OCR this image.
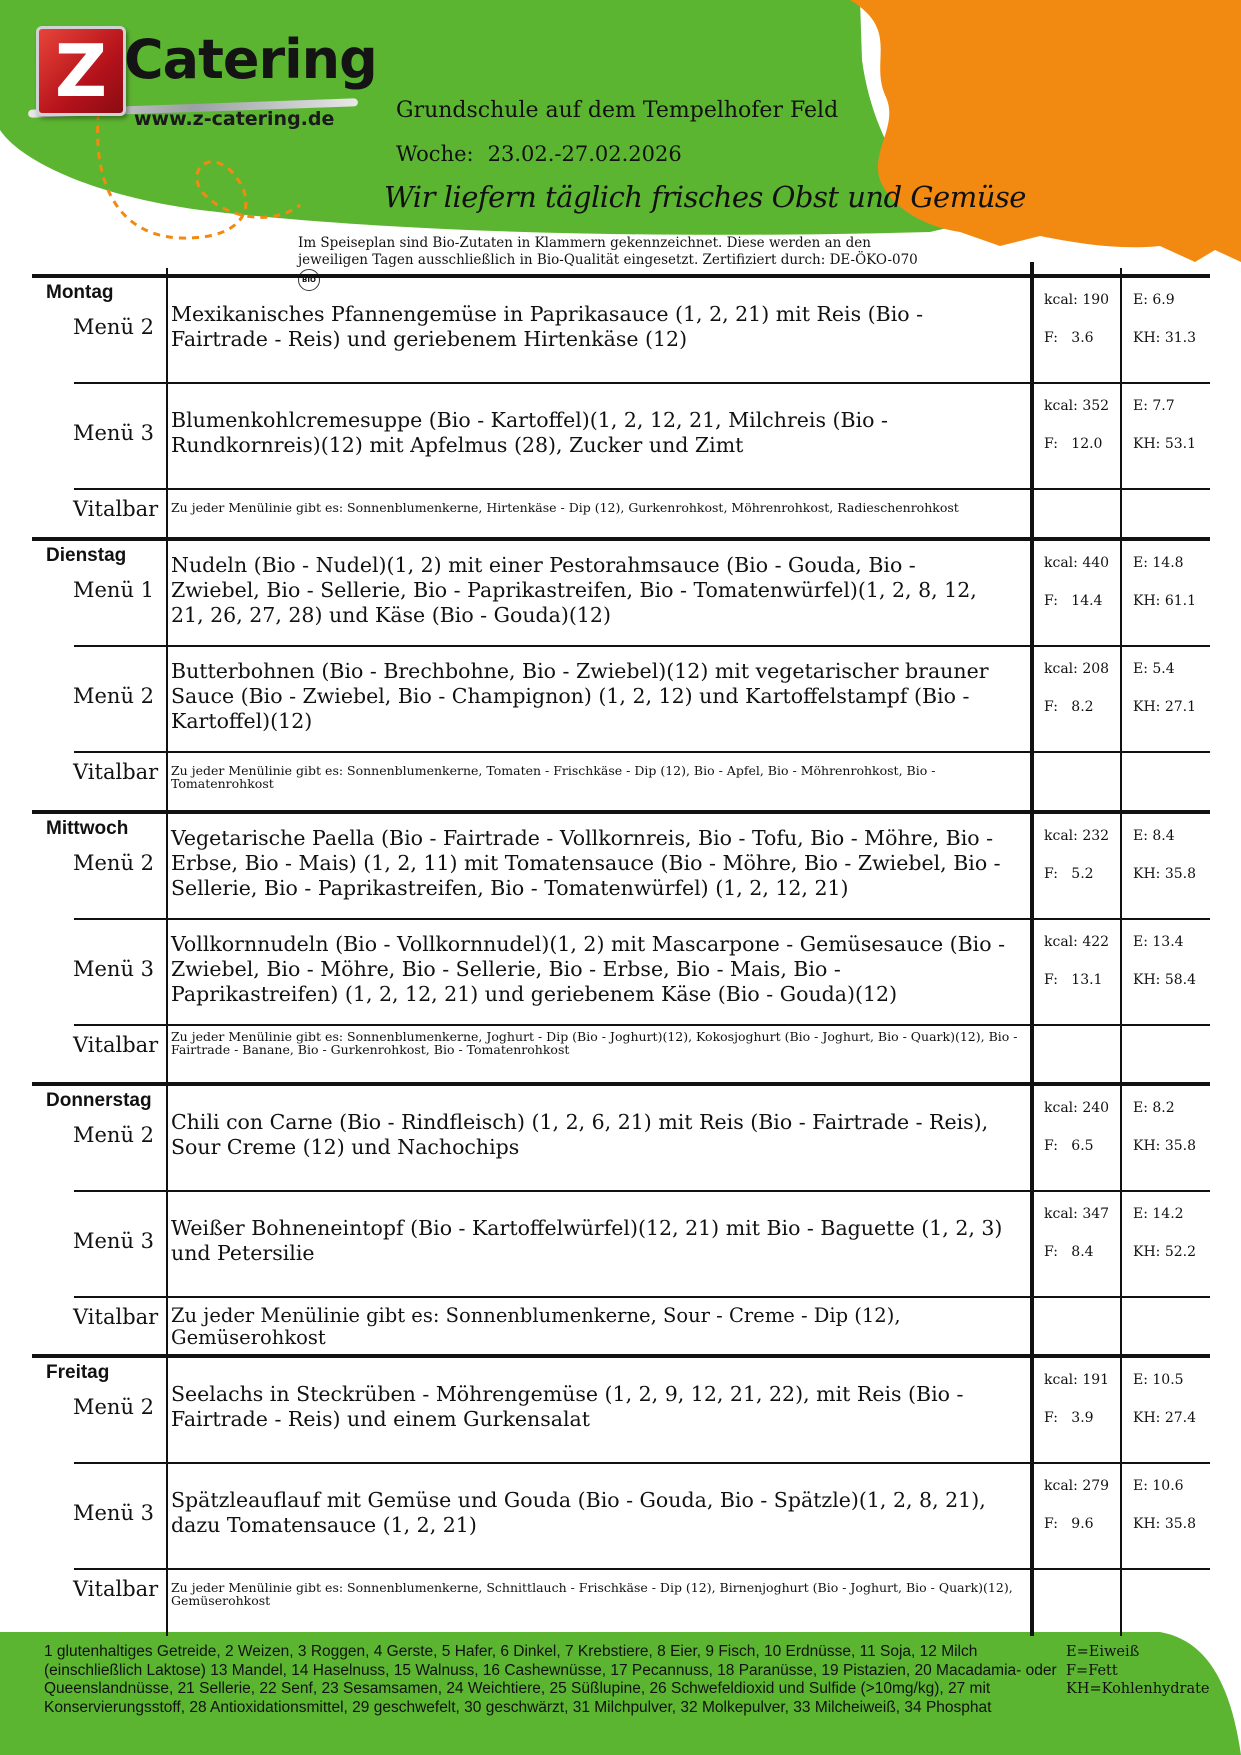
Z Catering
www.z-catering.de	Grundschule auf dem Tempelhofer Feld
Woche: 23.02.-27.02.2026
Wir liefern täglich frisches Obst und Gemüse
Im Speiseplan sind Bio-Zutaten in Klammern gekennzeichnet. Diese werden an den jeweiligen Tagen ausschließlich in Bio-Qualität eingesetzt. Zertifiziert durch: DE-ÖKO-070 BIO
Montag
Menü 2
Mexikanisches Pfannengemüse in Paprikasauce (1, 2, 21) mit Reis (Bio - Fairtrade - Reis) und geriebenem Hirtenkäse (12)
kcal: 190
F:   3.6
E: 6.9
KH: 31.3
Menü 3
Blumenkohlcremesuppe (Bio - Kartoffel)(1, 2, 12, 21, Milchreis (Bio - Rundkornreis)(12) mit Apfelmus (28), Zucker und Zimt
kcal: 352
F:   12.0
E: 7.7
KH: 53.1
Vitalbar Zu jeder Menülinie gibt es: Sonnenblumenkerne, Hirtenkäse - Dip (12), Gurkenrohkost, Möhrenrohkost, Radieschenrohkost
Dienstag
Menü 1
Nudeln (Bio - Nudel)(1, 2) mit einer Pestorahmsauce (Bio - Gouda, Bio - Zwiebel, Bio - Sellerie, Bio - Paprikastreifen, Bio - Tomatenwürfel)(1, 2, 8, 12, 21, 26, 27, 28) und Käse (Bio - Gouda)(12)
kcal: 440
F:   14.4
E: 14.8
KH: 61.1
Menü 2
Butterbohnen (Bio - Brechbohne, Bio - Zwiebel)(12) mit vegetarischer brauner Sauce (Bio - Zwiebel, Bio - Champignon) (1, 2, 12) und Kartoffelstampf (Bio - Kartoffel)(12)
kcal: 208
F:   8.2
E: 5.4
KH: 27.1
Vitalbar Zu jeder Menülinie gibt es: Sonnenblumenkerne, Tomaten - Frischkäse - Dip (12), Bio - Apfel, Bio - Möhrenrohkost, Bio - Tomatenrohkost
Mittwoch
Menü 2
Vegetarische Paella (Bio - Fairtrade - Vollkornreis, Bio - Tofu, Bio - Möhre, Bio - Erbse, Bio - Mais) (1, 2, 11) mit Tomatensauce (Bio - Möhre, Bio - Zwiebel, Bio - Sellerie, Bio - Paprikastreifen, Bio - Tomatenwürfel) (1, 2, 12, 21)
kcal: 232
F:   5.2
E: 8.4
KH: 35.8
Menü 3
Vollkornnudeln (Bio - Vollkornnudel)(1, 2) mit Mascarpone - Gemüsesauce (Bio - Zwiebel, Bio - Möhre, Bio - Sellerie, Bio - Erbse, Bio - Mais, Bio - Paprikastreifen) (1, 2, 12, 21) und geriebenem Käse (Bio - Gouda)(12)
kcal: 422
F:   13.1
E: 13.4
KH: 58.4
Vitalbar Zu jeder Menülinie gibt es: Sonnenblumenkerne, Joghurt - Dip (Bio - Joghurt)(12), Kokosjoghurt (Bio - Joghurt, Bio - Quark)(12), Bio - Fairtrade - Banane, Bio - Gurkenrohkost, Bio - Tomatenrohkost
Donnerstag
Menü 2
Chili con Carne (Bio - Rindfleisch) (1, 2, 6, 21) mit Reis (Bio - Fairtrade - Reis), Sour Creme (12) und Nachochips
kcal: 240
F:   6.5
E: 8.2
KH: 35.8
Menü 3
Weißer Bohneneintopf (Bio - Kartoffelwürfel)(12, 21) mit Bio - Baguette (1, 2, 3) und Petersilie
kcal: 347
F:   8.4
E: 14.2
KH: 52.2
Vitalbar Zu jeder Menülinie gibt es: Sonnenblumenkerne, Sour - Creme - Dip (12), Gemüserohkost
Freitag
Menü 2
Seelachs in Steckrüben - Möhrengemüse (1, 2, 9, 12, 21, 22), mit Reis (Bio - Fairtrade - Reis) und einem Gurkensalat
kcal: 191
F:   3.9
E: 10.5
KH: 27.4
Menü 3
Spätzleauflauf mit Gemüse und Gouda (Bio - Gouda, Bio - Spätzle)(1, 2, 8, 21), dazu Tomatensauce (1, 2, 21)
kcal: 279
F:   9.6
E: 10.6
KH: 35.8
Vitalbar Zu jeder Menülinie gibt es: Sonnenblumenkerne, Schnittlauch - Frischkäse - Dip (12), Birnenjoghurt (Bio - Joghurt, Bio - Quark)(12), Gemüserohkost
1 glutenhaltiges Getreide, 2 Weizen, 3 Roggen, 4 Gerste, 5 Hafer, 6 Dinkel, 7 Krebstiere, 8 Eier, 9 Fisch, 10 Erdnüsse, 11 Soja, 12 Milch (einschließlich Laktose) 13 Mandel, 14 Haselnuss, 15 Walnuss, 16 Cashewnüsse, 17 Pecannuss, 18 Paranüsse, 19 Pistazien, 20 Macadamia- oder Queenslandnüsse, 21 Sellerie, 22 Senf, 23 Sesamsamen, 24 Weichtiere, 25 Süßlupine, 26 Schwefeldioxid und Sulfide (>10mg/kg), 27 mit Konservierungsstoff, 28 Antioxidationsmittel, 29 geschwefelt, 30 geschwärzt, 31 Milchpulver, 32 Molkepulver, 33 Milcheiweiß, 34 Phosphat
E=Eiweiß
F=Fett
KH=Kohlenhydrate
